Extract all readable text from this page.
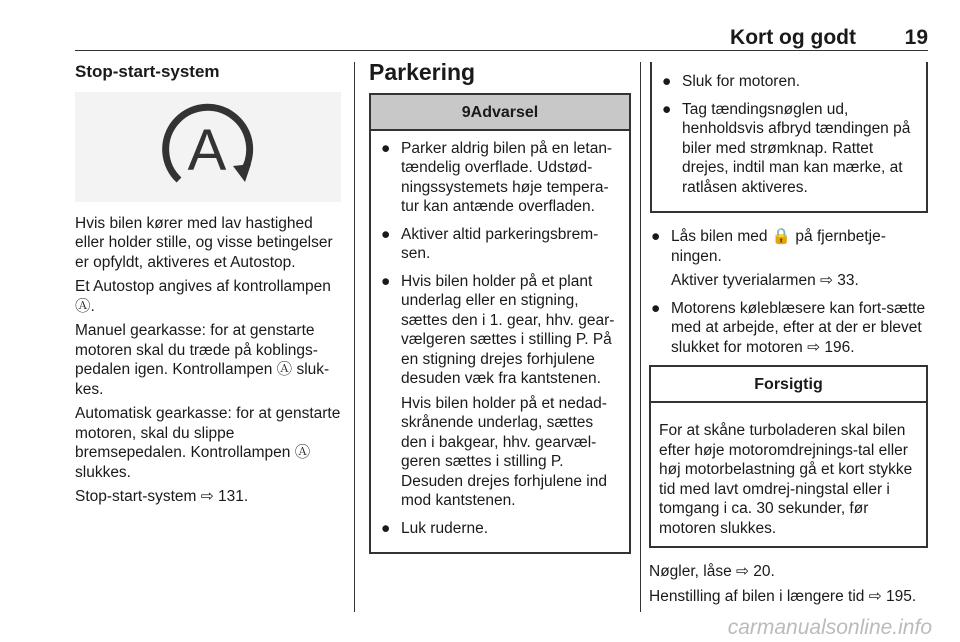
Kort og godt 19
Stop-start-system
A

Hvis bilen kører med lav hastighed eller holder stille, og visse betingelser er opfyldt, aktiveres et Autostop.

Et Autostop angives af kontrollampen Ⓐ.

Manuel gearkasse: for at genstarte motoren skal du træde på koblings-pedalen igen. Kontrollampen Ⓐ sluk-kes.

Automatisk gearkasse: for at genstarte motoren, skal du slippe bremsepedalen. Kontrollampen Ⓐ slukkes.

Stop-start-system ⇨ 131.

Parkering
9Advarsel
● Parker aldrig bilen på en letan-tændelig overflade. Udstød-ningssystemets høje tempera-tur kan antænde overfladen.
● Aktiver altid parkeringsbrem-sen.
● Hvis bilen holder på et plant underlag eller en stigning, sættes den i 1. gear, hhv. gear-vælgeren sættes i stilling P. På en stigning drejes forhjulene desuden væk fra kantstenen.
Hvis bilen holder på et nedad-skrånende underlag, sættes den i bakgear, hhv. gearvæl-geren sættes i stilling P. Desuden drejes forhjulene ind mod kantstenen.
● Luk ruderne.
● Sluk for motoren.
● Tag tændingsnøglen ud, henholdsvis afbryd tændingen på biler med strømknap. Rattet drejes, indtil man kan mærke, at ratlåsen aktiveres.
● Lås bilen med 🔒 på fjernbetje-ningen.
Aktiver tyverialarmen ⇨ 33.
● Motorens køleblæsere kan fort-sætte med at arbejde, efter at der er blevet slukket for motoren ⇨ 196.
Forsigtig
For at skåne turboladeren skal bilen efter høje motoromdrejnings-tal eller høj motorbelastning gå et kort stykke tid med lavt omdrej-ningstal eller i tomgang i ca. 30 sekunder, før motoren slukkes.

Nøgler, låse ⇨ 20.

Henstilling af bilen i længere tid ⇨ 195.

carmanualsonline.info
